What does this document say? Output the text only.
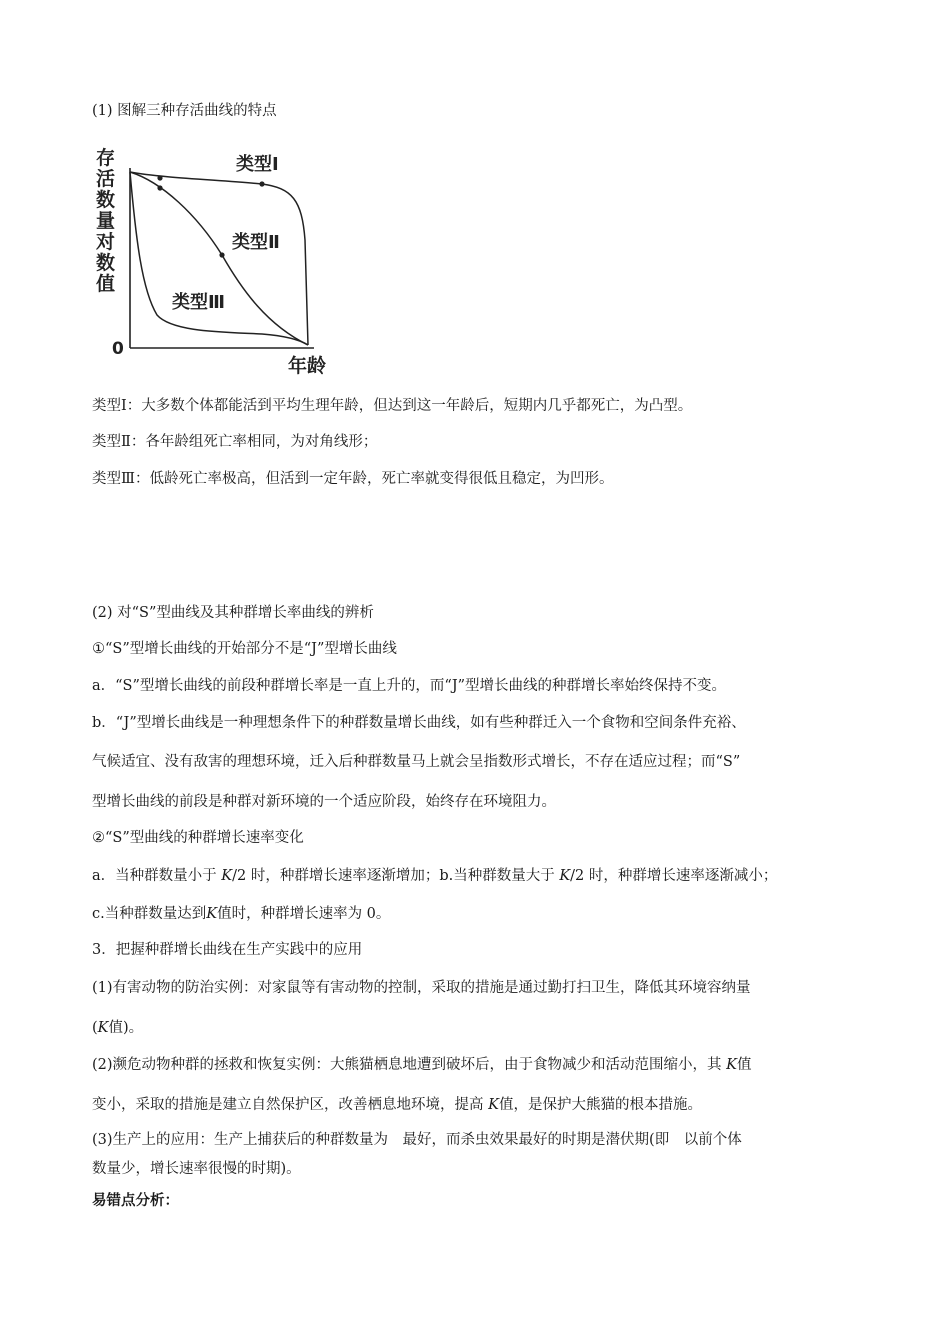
(1) 图解三种存活曲线的特点
存
活
数
量
对
数
值
0
年龄
类型Ⅰ
类型Ⅱ
类型Ⅲ
类型Ⅰ：大多数个体都能活到平均生理年龄，但达到这一年龄后，短期内几乎都死亡，为凸型。
类型Ⅱ：各年龄组死亡率相同，为对角线形；
类型Ⅲ：低龄死亡率极高，但活到一定年龄，死亡率就变得很低且稳定，为凹形。
(2) 对“S”型曲线及其种群增长率曲线的辨析
①“S”型增长曲线的开始部分不是“J”型增长曲线
a．“S”型增长曲线的前段种群增长率是一直上升的，而“J”型增长曲线的种群增长率始终保持不变。
b．“J”型增长曲线是一种理想条件下的种群数量增长曲线，如有些种群迁入一个食物和空间条件充裕、
气候适宜、没有敌害的理想环境，迁入后种群数量马上就会呈指数形式增长，不存在适应过程；而“S”
型增长曲线的前段是种群对新环境的一个适应阶段，始终存在环境阻力。
②“S”型曲线的种群增长速率变化
a．当种群数量小于 K/2 时，种群增长速率逐渐增加；b.当种群数量大于 K/2 时，种群增长速率逐渐减小；
c.当种群数量达到K值时，种群增长速率为 0。
3．把握种群增长曲线在生产实践中的应用
(1)有害动物的防治实例：对家鼠等有害动物的控制，采取的措施是通过勤打扫卫生，降低其环境容纳量
(K值)。
(2)濒危动物种群的拯救和恢复实例：大熊猫栖息地遭到破坏后，由于食物减少和活动范围缩小，其 K值
变小，采取的措施是建立自然保护区，改善栖息地环境，提高 K值，是保护大熊猫的根本措施。
(3)生产上的应用：生产上捕获后的种群数量为　最好，而杀虫效果最好的时期是潜伏期(即　以前个体
数量少，增长速率很慢的时期)。
易错点分析：
